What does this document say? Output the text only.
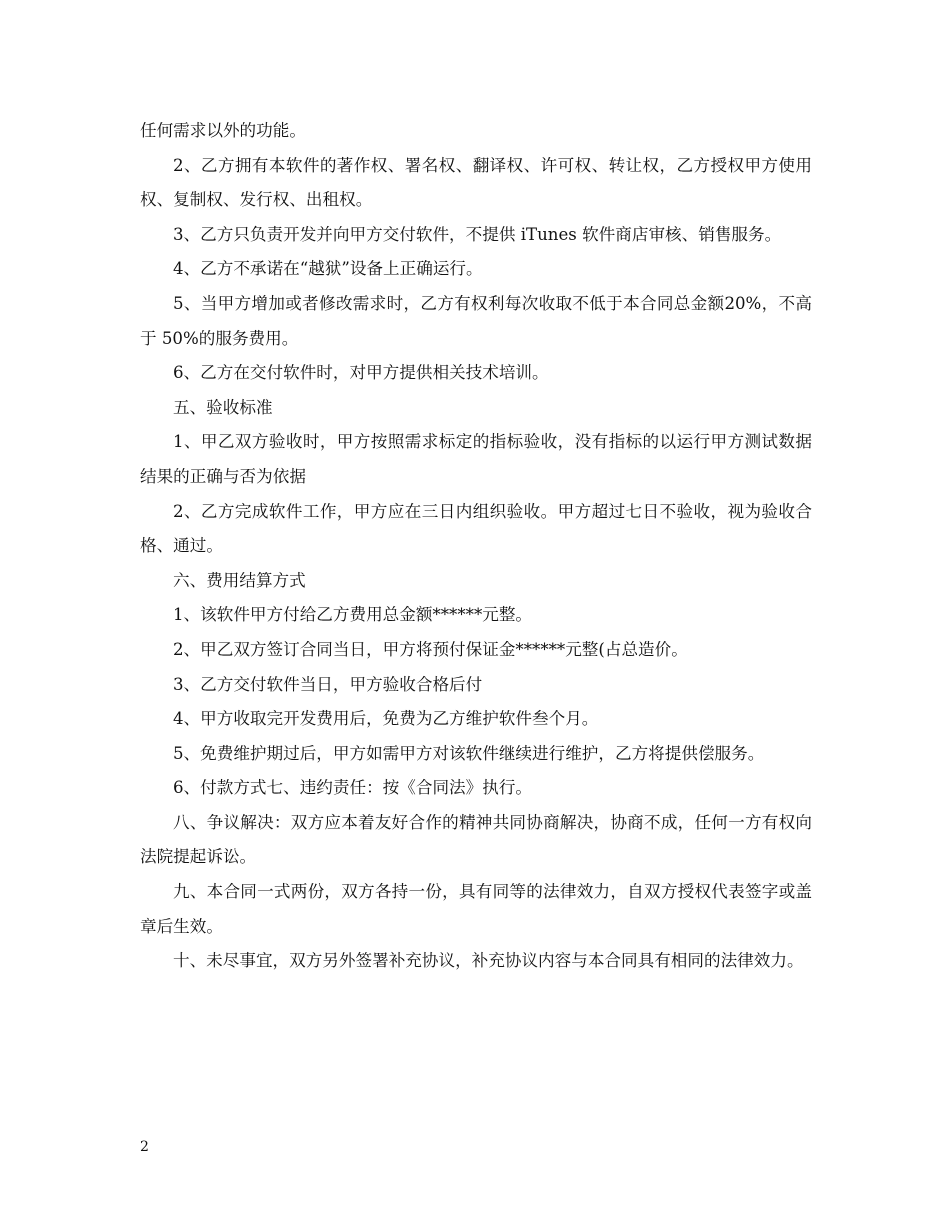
任何需求以外的功能。

2、乙方拥有本软件的著作权、署名权、翻译权、许可权、转让权，乙方授权甲方使用权、复制权、发行权、出租权。

3、乙方只负责开发并向甲方交付软件，不提供 iTunes 软件商店审核、销售服务。

4、乙方不承诺在“越狱”设备上正确运行。

5、当甲方增加或者修改需求时，乙方有权利每次收取不低于本合同总金额20%，不高于 50%的服务费用。

6、乙方在交付软件时，对甲方提供相关技术培训。

五、验收标准

1、甲乙双方验收时，甲方按照需求标定的指标验收，没有指标的以运行甲方测试数据结果的正确与否为依据

2、乙方完成软件工作，甲方应在三日内组织验收。甲方超过七日不验收，视为验收合格、通过。

六、费用结算方式

1、该软件甲方付给乙方费用总金额******元整。

2、甲乙双方签订合同当日，甲方将预付保证金******元整(占总造价。

3、乙方交付软件当日，甲方验收合格后付

4、甲方收取完开发费用后，免费为乙方维护软件叁个月。

5、免费维护期过后，甲方如需甲方对该软件继续进行维护，乙方将提供偿服务。

6、付款方式七、违约责任：按《合同法》执行。

八、争议解决：双方应本着友好合作的精神共同协商解决，协商不成，任何一方有权向法院提起诉讼。

九、本合同一式两份，双方各持一份，具有同等的法律效力，自双方授权代表签字或盖章后生效。

十、未尽事宜，双方另外签署补充协议，补充协议内容与本合同具有相同的法律效力。

2
